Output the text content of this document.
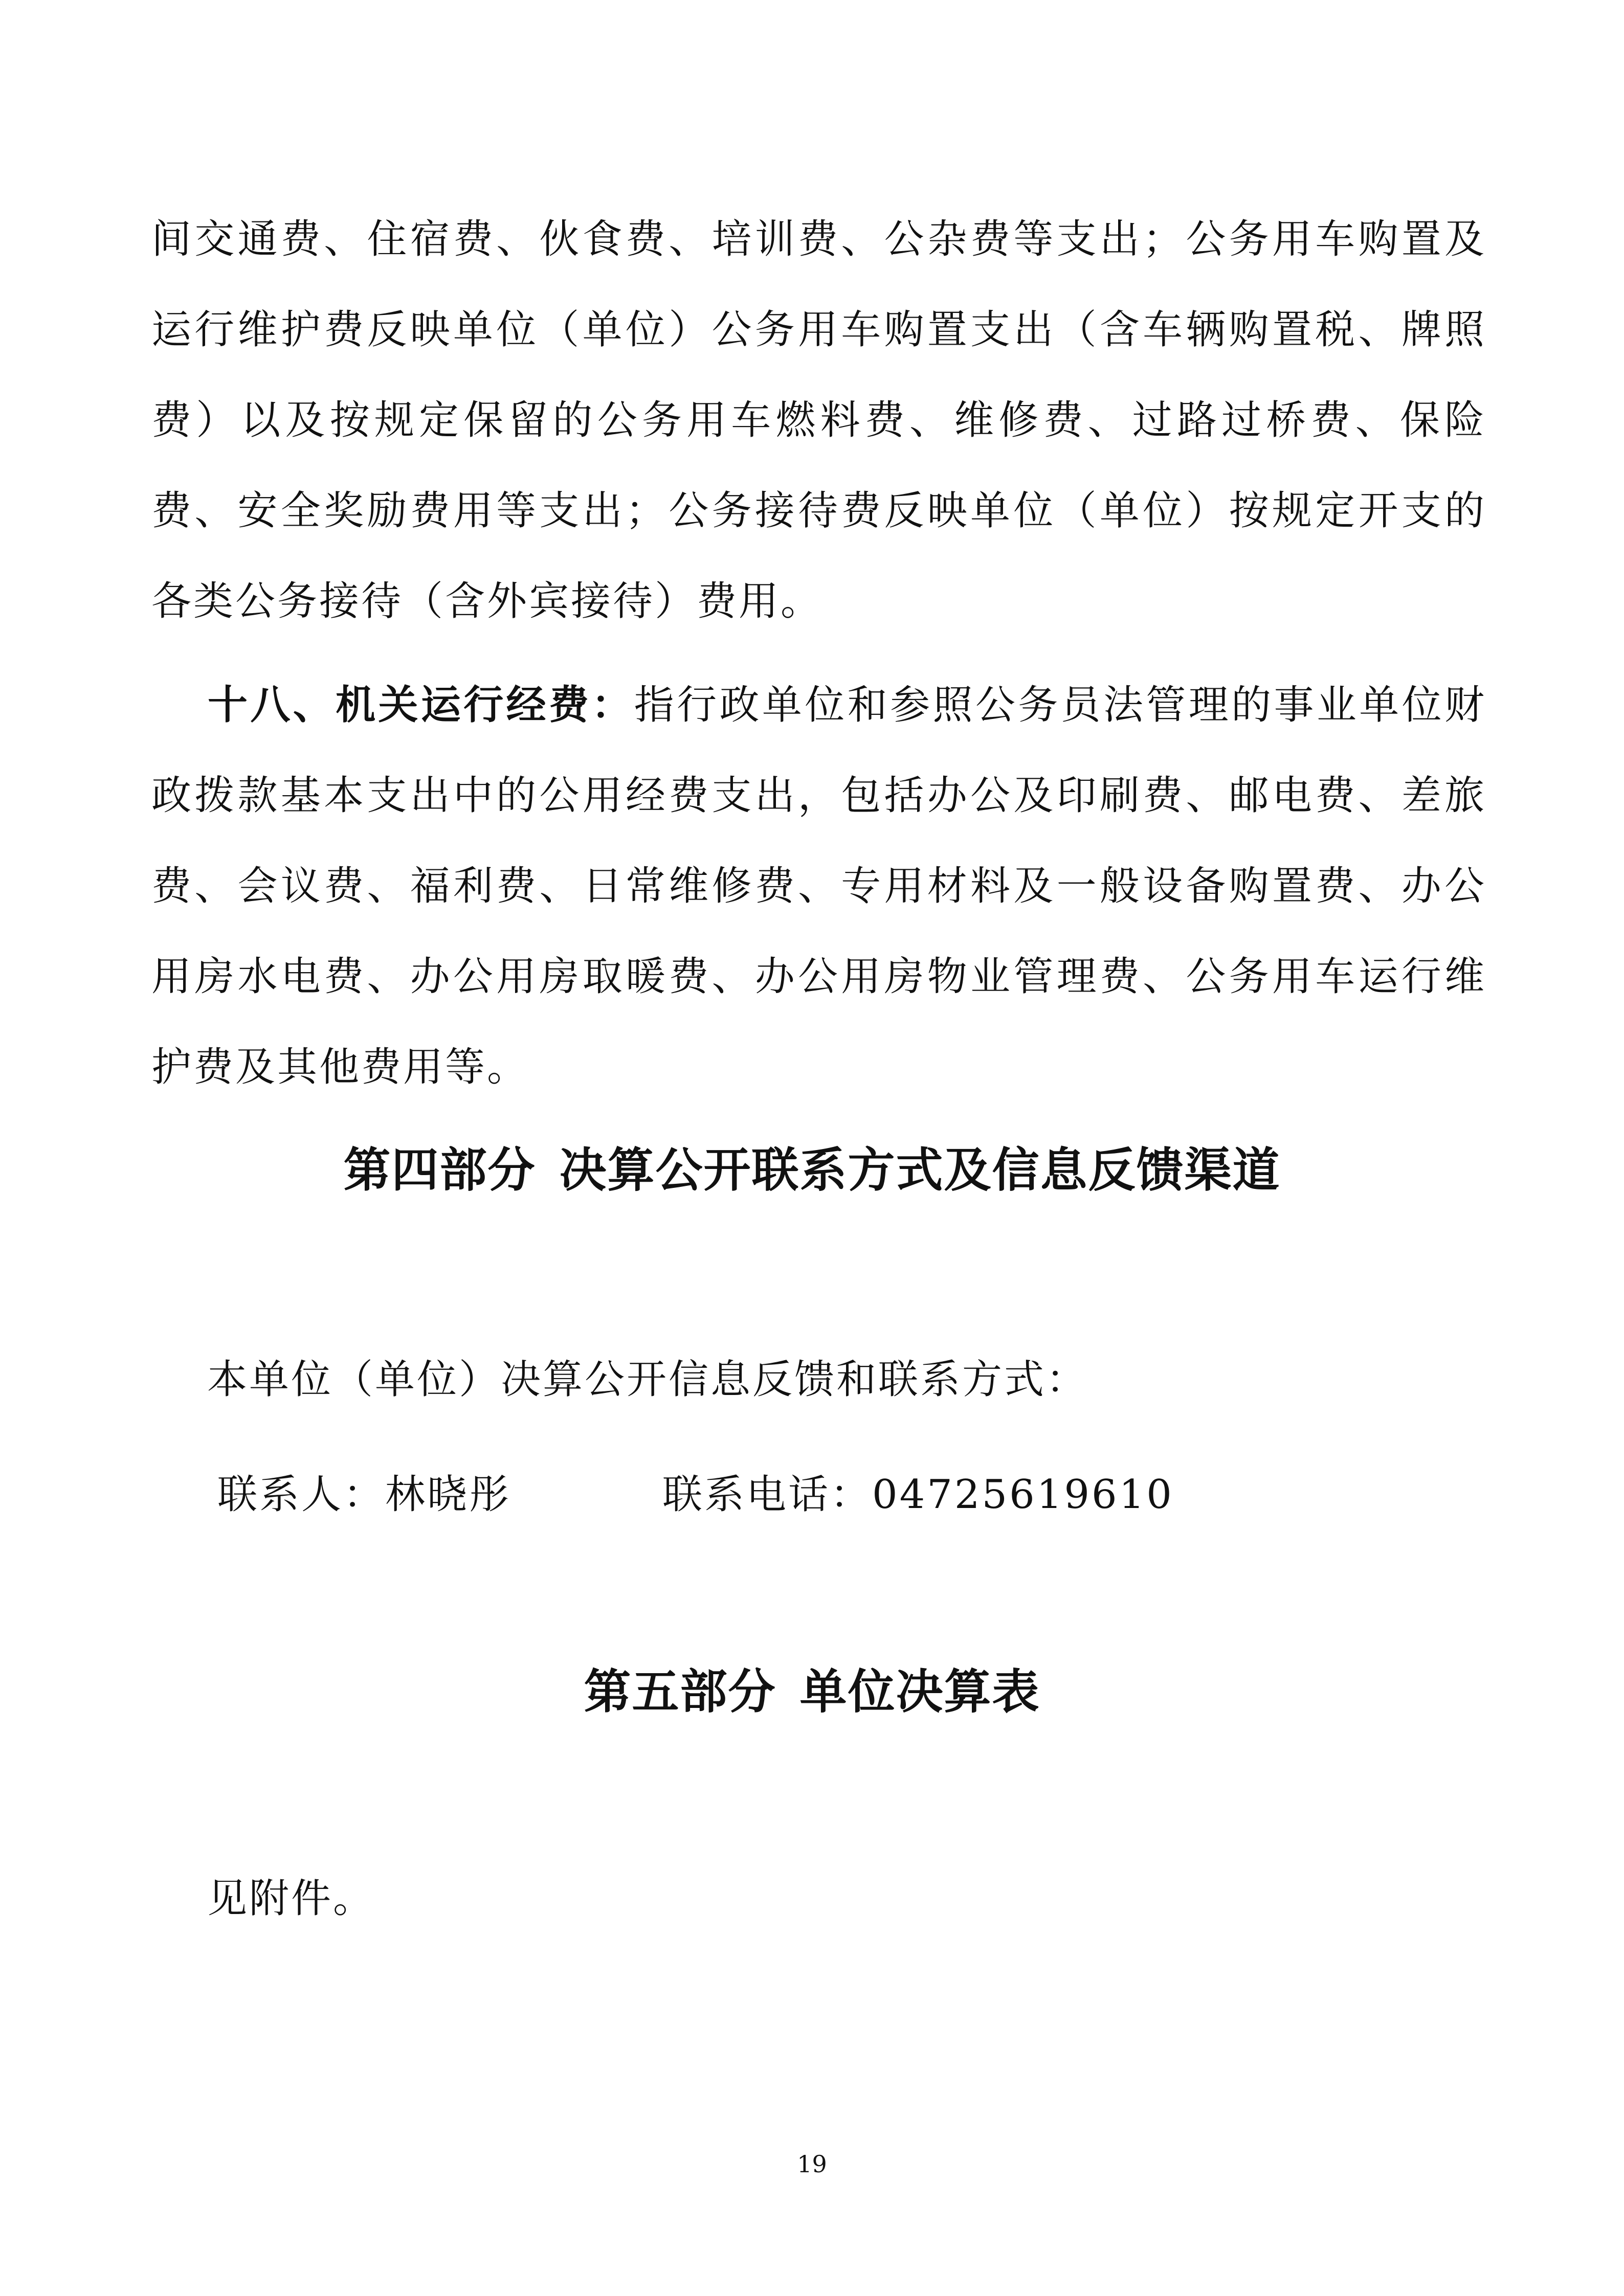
间交通费、住宿费、伙食费、培训费、公杂费等支出；公务用车购置及运行维护费反映单位（单位）公务用车购置支出（含车辆购置税、牌照费）以及按规定保留的公务用车燃料费、维修费、过路过桥费、保险费、安全奖励费用等支出；公务接待费反映单位（单位）按规定开支的各类公务接待（含外宾接待）费用。

十八、机关运行经费：指行政单位和参照公务员法管理的事业单位财政拨款基本支出中的公用经费支出，包括办公及印刷费、邮电费、差旅费、会议费、福利费、日常维修费、专用材料及一般设备购置费、办公用房水电费、办公用房取暖费、办公用房物业管理费、公务用车运行维护费及其他费用等。

第四部分 决算公开联系方式及信息反馈渠道

本单位（单位）决算公开信息反馈和联系方式：

联系人：林晓彤	联系电话：04725619610

第五部分 单位决算表

见附件。

19
